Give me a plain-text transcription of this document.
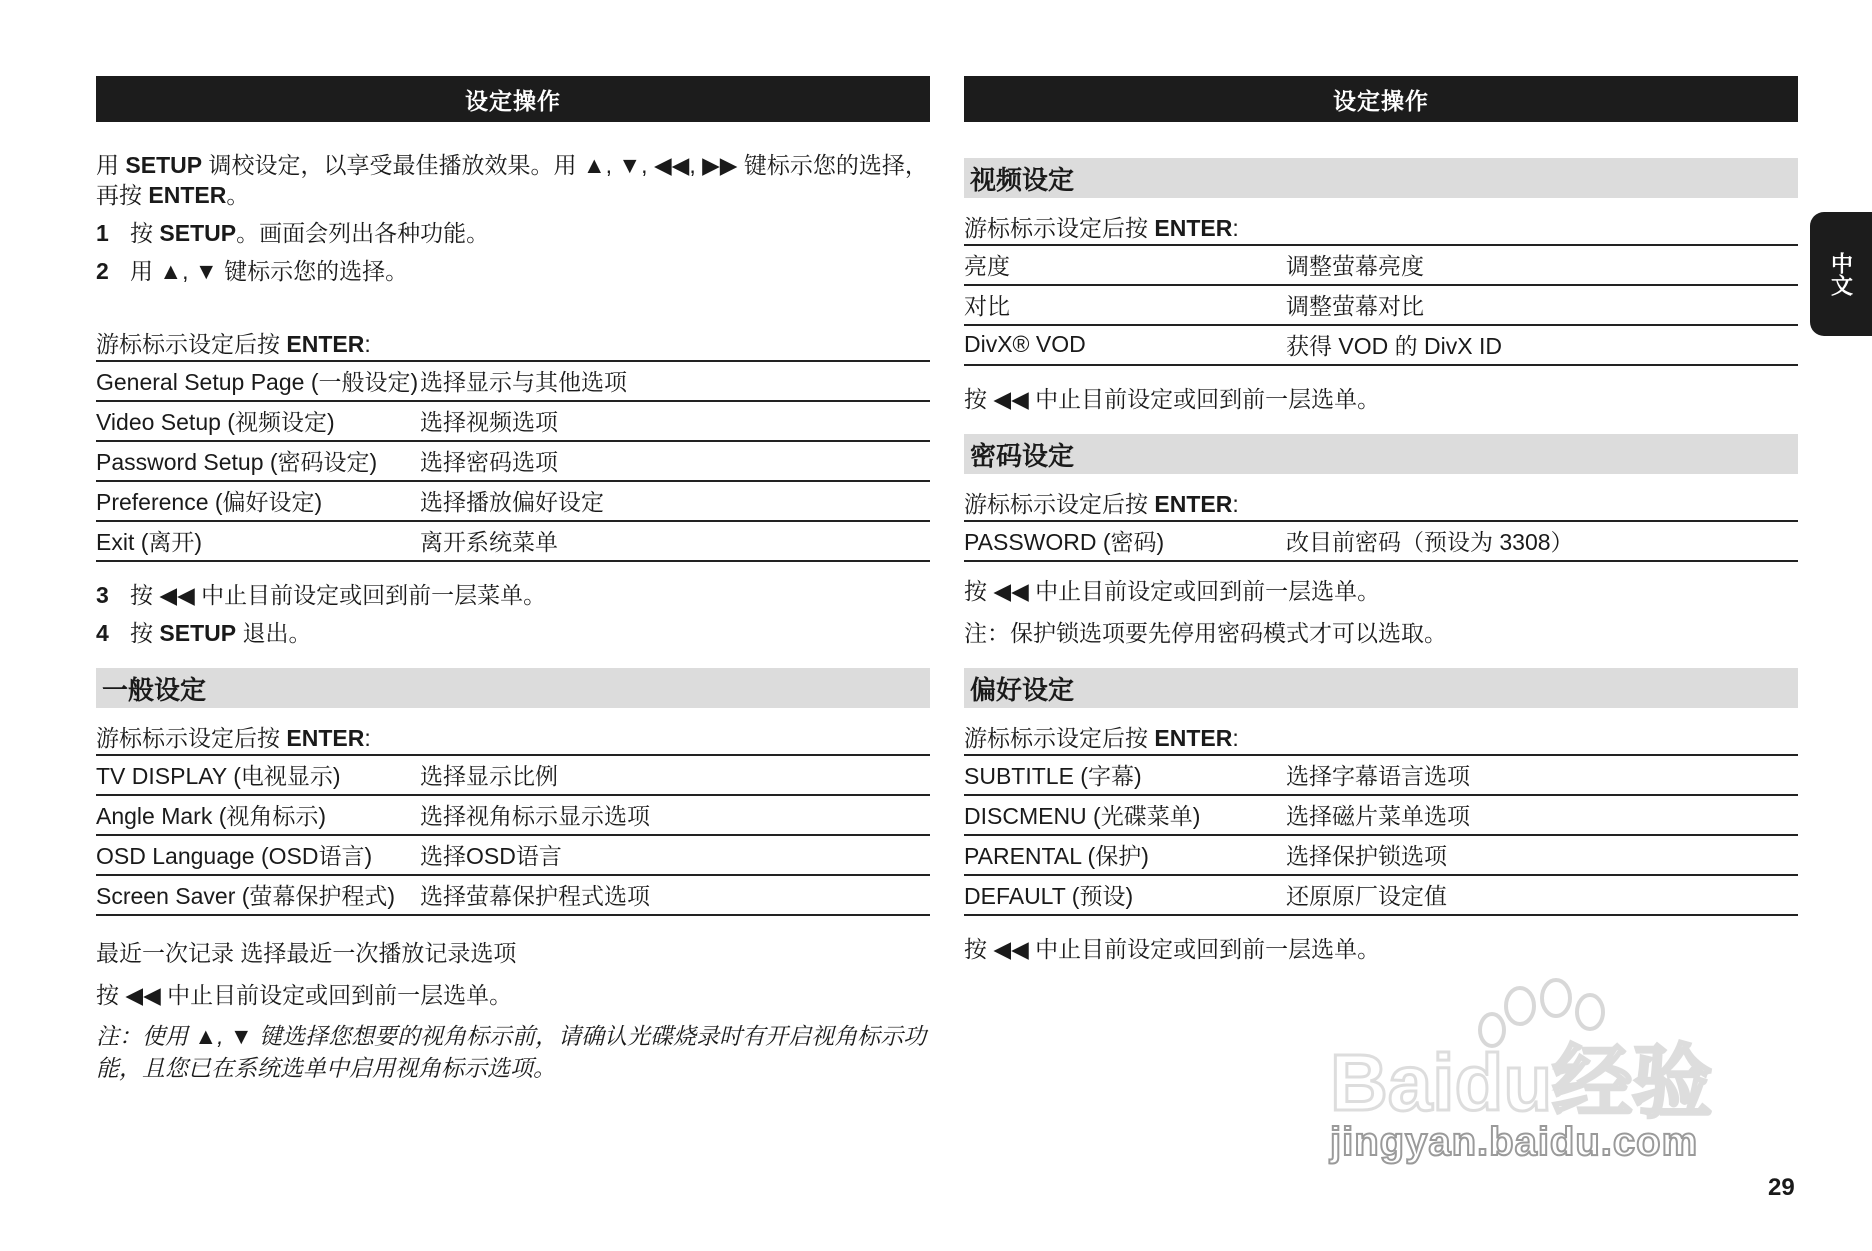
设定操作
用 SETUP 调校设定，以享受最佳播放效果。用 ▲, ▼, ◀◀, ▶▶ 键标示您的选择，再按 ENTER。
1 按 SETUP。画面会列出各种功能。
2 用 ▲, ▼ 键标示您的选择。
游标标示设定后按 ENTER:
General Setup Page (一般设定)	选择显示与其他选项
Video Setup (视频设定)	选择视频选项
Password Setup (密码设定)	选择密码选项
Preference (偏好设定)	选择播放偏好设定
Exit (离开)	离开系统菜单
3 按 ◀◀ 中止目前设定或回到前一层菜单。
4 按 SETUP 退出。
一般设定
游标标示设定后按 ENTER:
TV DISPLAY (电视显示)	选择显示比例
Angle Mark (视角标示)	选择视角标示显示选项
OSD Language (OSD语言)	选择OSD语言
Screen Saver (萤幕保护程式)	选择萤幕保护程式选项
最近一次记录 选择最近一次播放记录选项
按 ◀◀ 中止目前设定或回到前一层选单。
注：使用 ▲, ▼ 键选择您想要的视角标示前，请确认光碟烧录时有开启视角标示功能，且您已在系统选单中启用视角标示选项。
设定操作
视频设定
游标标示设定后按 ENTER:
亮度	调整萤幕亮度
对比	调整萤幕对比
DivX® VOD	获得 VOD 的 DivX ID
按 ◀◀ 中止目前设定或回到前一层选单。
密码设定
游标标示设定后按 ENTER:
PASSWORD (密码)	改目前密码（预设为 3308）
按 ◀◀ 中止目前设定或回到前一层选单。
注：保护锁选项要先停用密码模式才可以选取。
偏好设定
游标标示设定后按 ENTER:
SUBTITLE (字幕)	选择字幕语言选项
DISCMENU (光碟菜单)	选择磁片菜单选项
PARENTAL (保护)	选择保护锁选项
DEFAULT (预设)	还原原厂设定值
按 ◀◀ 中止目前设定或回到前一层选单。
中文
Baidu经验
jingyan.baidu.com
29
